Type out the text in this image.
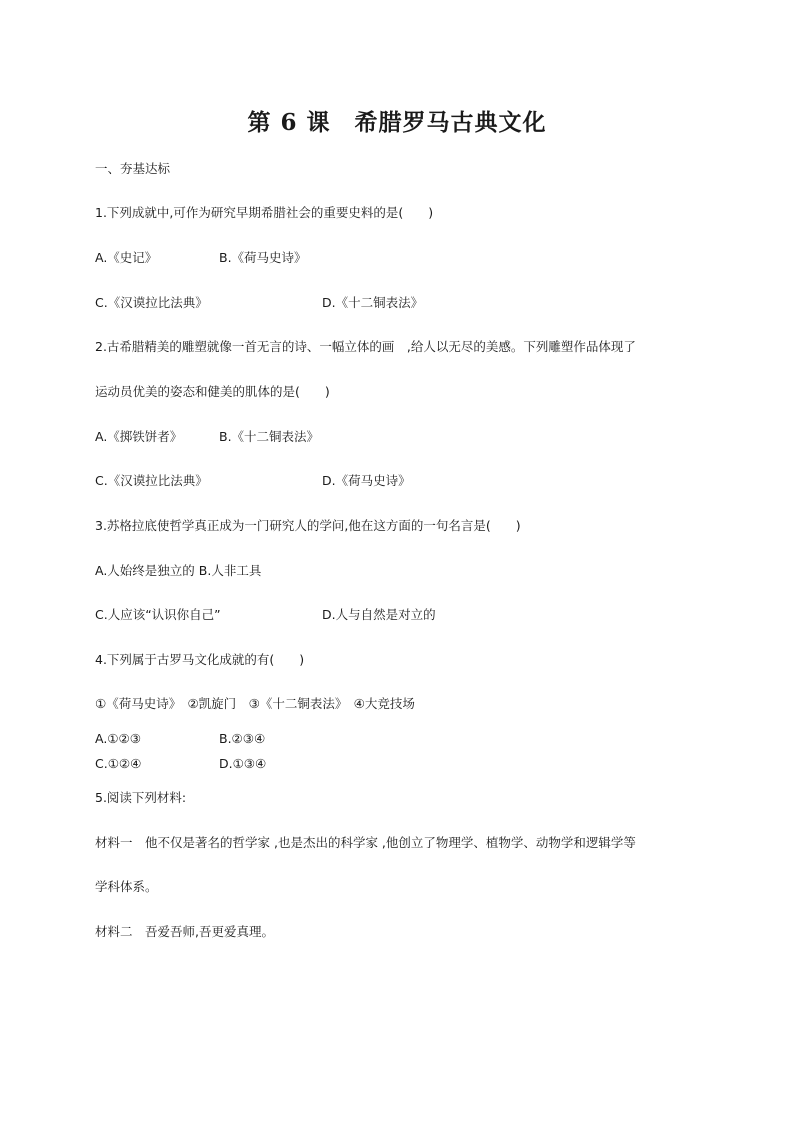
第 6 课　希腊罗马古典文化
一、夯基达标
1.下列成就中,可作为研究早期希腊社会的重要史料的是(　　)
A.《史记》	B.《荷马史诗》
C.《汉谟拉比法典》	D.《十二铜表法》
2.古希腊精美的雕塑就像一首无言的诗、一幅立体的画　,给人以无尽的美感。下列雕塑作品体现了
运动员优美的姿态和健美的肌体的是(　　)
A.《掷铁饼者》	B.《十二铜表法》
C.《汉谟拉比法典》	D.《荷马史诗》
3.苏格拉底使哲学真正成为一门研究人的学问,他在这方面的一句名言是(　　)
A.人始终是独立的 B.人非工具
C.人应该“认识你自己”	D.人与自然是对立的
4.下列属于古罗马文化成就的有(　　)
①《荷马史诗》　②凯旋门　③《十二铜表法》　④大竞技场
A.①②③	B.②③④
C.①②④	D.①③④
5.阅读下列材料:
材料一　他不仅是著名的哲学家 ,也是杰出的科学家 ,他创立了物理学、植物学、动物学和逻辑学等
学科体系。
材料二　吾爱吾师,吾更爱真理。
